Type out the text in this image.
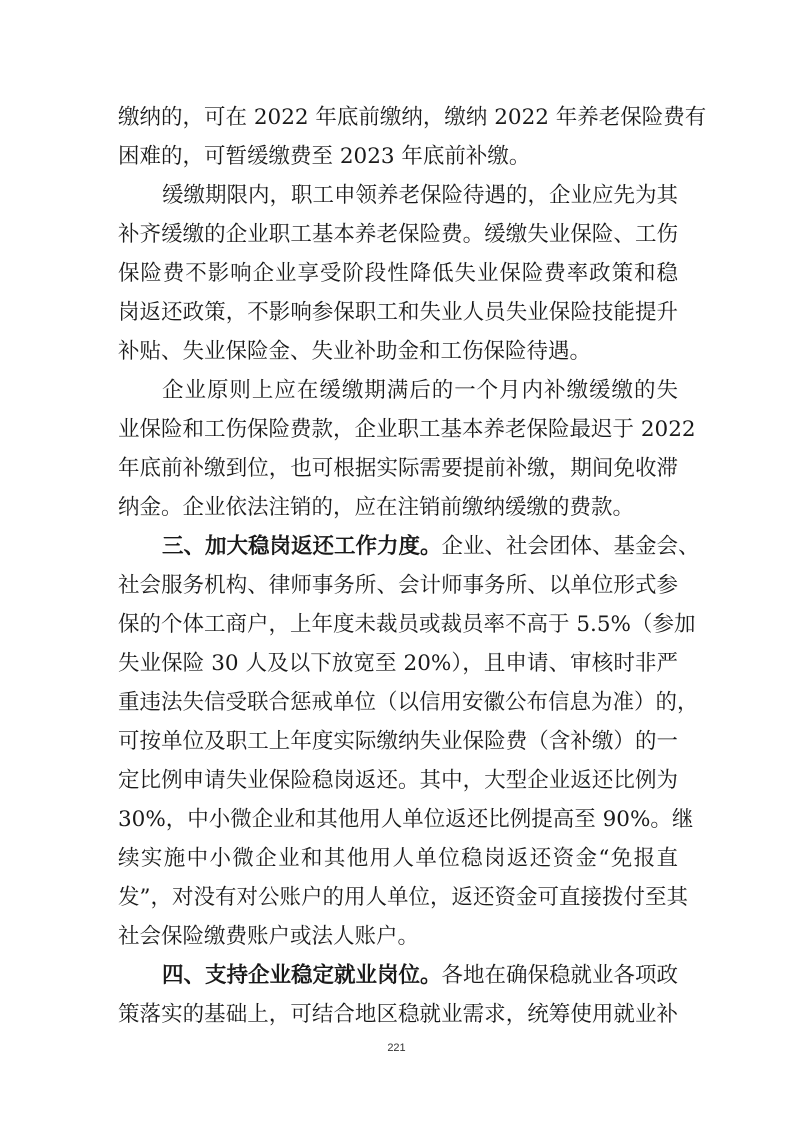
缴纳的，可在 2022 年底前缴纳，缴纳 2022 年养老保险费有
困难的，可暂缓缴费至 2023 年底前补缴。
缓缴期限内，职工申领养老保险待遇的，企业应先为其
补齐缓缴的企业职工基本养老保险费。缓缴失业保险、工伤
保险费不影响企业享受阶段性降低失业保险费率政策和稳
岗返还政策，不影响参保职工和失业人员失业保险技能提升
补贴、失业保险金、失业补助金和工伤保险待遇。
企业原则上应在缓缴期满后的一个月内补缴缓缴的失
业保险和工伤保险费款，企业职工基本养老保险最迟于 2022
年底前补缴到位，也可根据实际需要提前补缴，期间免收滞
纳金。企业依法注销的，应在注销前缴纳缓缴的费款。
三、加大稳岗返还工作力度。企业、社会团体、基金会、
社会服务机构、律师事务所、会计师事务所、以单位形式参
保的个体工商户，上年度未裁员或裁员率不高于 5.5%（参加
失业保险 30 人及以下放宽至 20%），且申请、审核时非严
重违法失信受联合惩戒单位（以信用安徽公布信息为准）的，
可按单位及职工上年度实际缴纳失业保险费（含补缴）的一
定比例申请失业保险稳岗返还。其中，大型企业返还比例为
30%，中小微企业和其他用人单位返还比例提高至 90%。继
续实施中小微企业和其他用人单位稳岗返还资金“免报直
发”，对没有对公账户的用人单位，返还资金可直接拨付至其
社会保险缴费账户或法人账户。
四、支持企业稳定就业岗位。各地在确保稳就业各项政
策落实的基础上，可结合地区稳就业需求，统筹使用就业补
221
